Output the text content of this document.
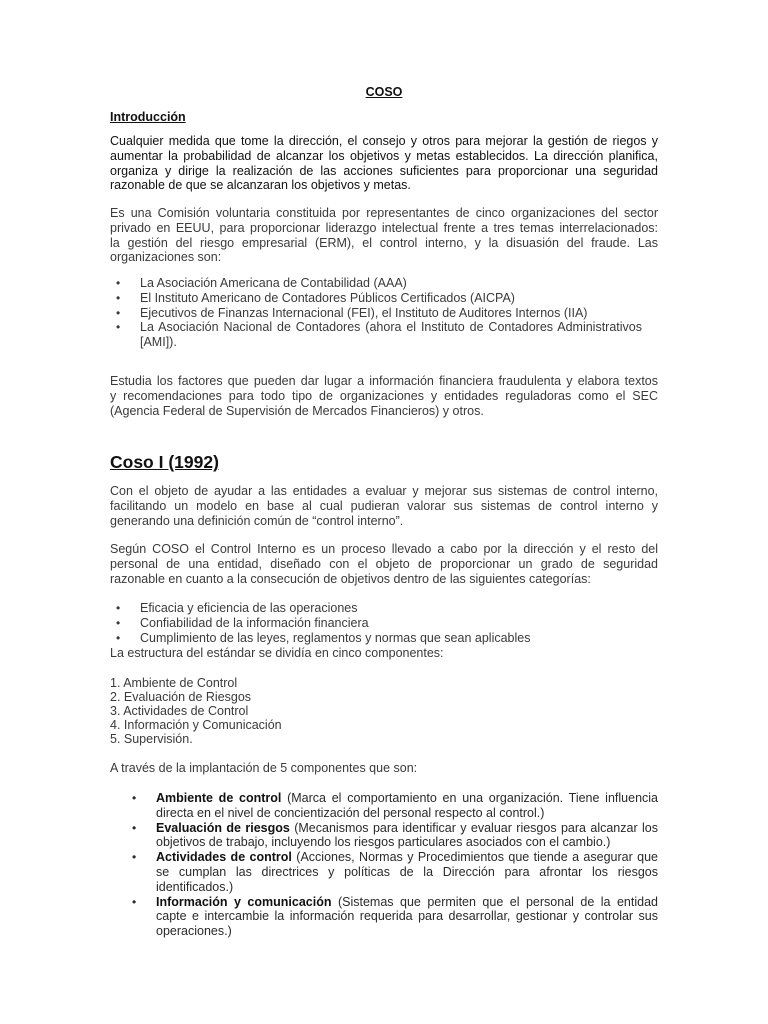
COSO

Introducción

Cualquier medida que tome la dirección, el consejo y otros para mejorar la gestión de riegos y
aumentar la probabilidad de alcanzar los objetivos y metas establecidos. La dirección planifica,
organiza y dirige la realización de las acciones suficientes para proporcionar una seguridad
razonable de que se alcanzaran los objetivos y metas.
Es una Comisión voluntaria constituida por representantes de cinco organizaciones del sector
privado en EEUU, para proporcionar liderazgo intelectual frente a tres temas interrelacionados:
la gestión del riesgo empresarial (ERM), el control interno, y la disuasión del fraude. Las
organizaciones son:
• La Asociación Americana de Contabilidad (AAA)
• El Instituto Americano de Contadores Públicos Certificados (AICPA)
• Ejecutivos de Finanzas Internacional (FEI), el Instituto de Auditores Internos (IIA)
• La Asociación Nacional de Contadores (ahora el Instituto de Contadores Administrativos [AMI]).
Estudia los factores que pueden dar lugar a información financiera fraudulenta y elabora textos
y recomendaciones para todo tipo de organizaciones y entidades reguladoras como el SEC
(Agencia Federal de Supervisión de Mercados Financieros) y otros.

Coso I (1992)

Con el objeto de ayudar a las entidades a evaluar y mejorar sus sistemas de control interno,
facilitando un modelo en base al cual pudieran valorar sus sistemas de control interno y
generando una definición común de “control interno”.
Según COSO el Control Interno es un proceso llevado a cabo por la dirección y el resto del
personal de una entidad, diseñado con el objeto de proporcionar un grado de seguridad
razonable en cuanto a la consecución de objetivos dentro de las siguientes categorías:
• Eficacia y eficiencia de las operaciones
• Confiabilidad de la información financiera
• Cumplimiento de las leyes, reglamentos y normas que sean aplicables

La estructura del estándar se dividía en cinco componentes:

1. Ambiente de Control
2. Evaluación de Riesgos
3. Actividades de Control
4. Información y Comunicación
5. Supervisión.

A través de la implantación de 5 componentes que son:

• Ambiente de control (Marca el comportamiento en una organización. Tiene influencia directa en el nivel de concientización del personal respecto al control.)
• Evaluación de riesgos (Mecanismos para identificar y evaluar riesgos para alcanzar los objetivos de trabajo, incluyendo los riesgos particulares asociados con el cambio.)
• Actividades de control (Acciones, Normas y Procedimientos que tiende a asegurar que se cumplan las directrices y políticas de la Dirección para afrontar los riesgos identificados.)
• Información y comunicación (Sistemas que permiten que el personal de la entidad capte e intercambie la información requerida para desarrollar, gestionar y controlar sus operaciones.)
